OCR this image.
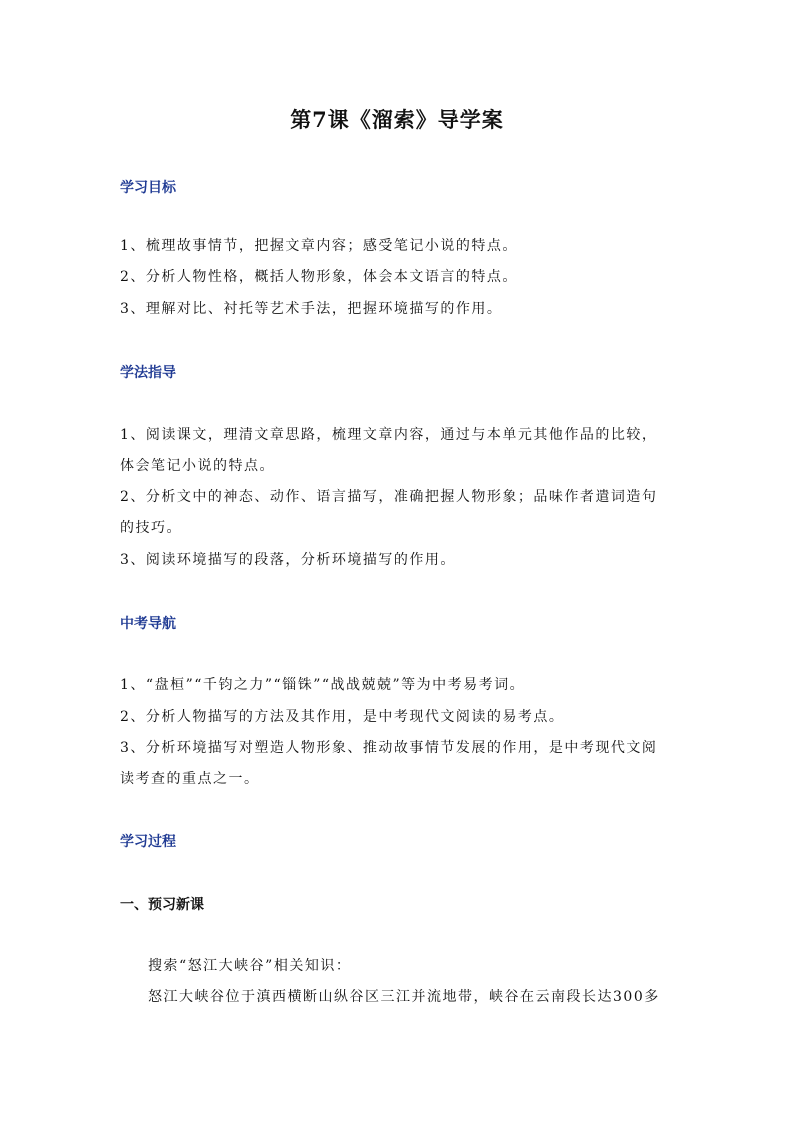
第7课《溜索》导学案
学习目标
1、梳理故事情节，把握文章内容；感受笔记小说的特点。
2、分析人物性格，概括人物形象，体会本文语言的特点。
3、理解对比、衬托等艺术手法，把握环境描写的作用。
学法指导
1、阅读课文，理清文章思路，梳理文章内容，通过与本单元其他作品的比较，
体会笔记小说的特点。
2、分析文中的神态、动作、语言描写，准确把握人物形象；品味作者遣词造句
的技巧。
3、阅读环境描写的段落，分析环境描写的作用。
中考导航
1、“盘桓”“千钧之力”“锱铢”“战战兢兢”等为中考易考词。
2、分析人物描写的方法及其作用，是中考现代文阅读的易考点。
3、分析环境描写对塑造人物形象、推动故事情节发展的作用，是中考现代文阅
读考查的重点之一。
学习过程
一、预习新课
搜索“怒江大峡谷”相关知识：
怒江大峡谷位于滇西横断山纵谷区三江并流地带，峡谷在云南段长达300多
